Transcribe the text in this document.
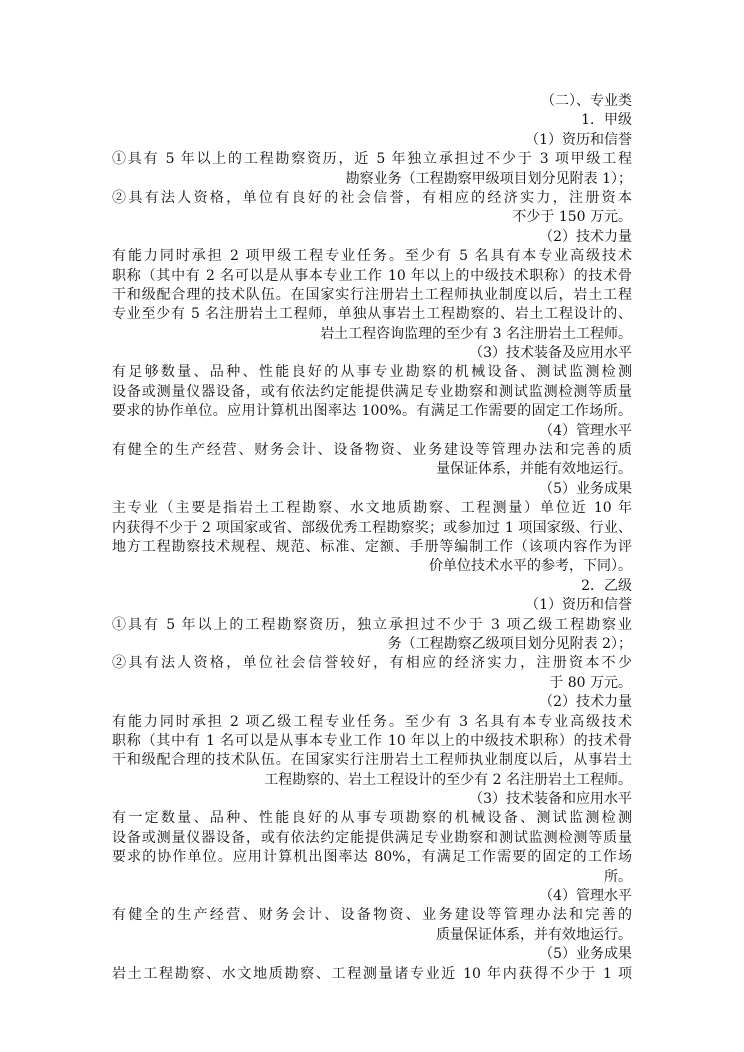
（二）、专业类
1．甲级
（1）资历和信誉
①具有 5 年以上的工程勘察资历，近 5 年独立承担过不少于 3 项甲级工程
勘察业务（工程勘察甲级项目划分见附表 1）；
②具有法人资格，单位有良好的社会信誉，有相应的经济实力，注册资本
不少于 150 万元。
（2）技术力量
有能力同时承担 2 项甲级工程专业任务。至少有 5 名具有本专业高级技术
职称（其中有 2 名可以是从事本专业工作 10 年以上的中级技术职称）的技术骨
干和级配合理的技术队伍。在国家实行注册岩土工程师执业制度以后，岩土工程
专业至少有 5 名注册岩土工程师，单独从事岩土工程勘察的、岩土工程设计的、
岩土工程咨询监理的至少有 3 名注册岩土工程师。
（3）技术装备及应用水平
有足够数量、品种、性能良好的从事专业勘察的机械设备、测试监测检测
设备或测量仪器设备，或有依法约定能提供满足专业勘察和测试监测检测等质量
要求的协作单位。应用计算机出图率达 100%。有满足工作需要的固定工作场所。
（4）管理水平
有健全的生产经营、财务会计、设备物资、业务建设等管理办法和完善的质
量保证体系，并能有效地运行。
（5）业务成果
主专业（主要是指岩土工程勘察、水文地质勘察、工程测量）单位近 10 年
内获得不少于 2 项国家或省、部级优秀工程勘察奖；或参加过 1 项国家级、行业、
地方工程勘察技术规程、规范、标准、定额、手册等编制工作（该项内容作为评
价单位技术水平的参考，下同）。
2．乙级
（1）资历和信誉
①具有 5 年以上的工程勘察资历，独立承担过不少于 3 项乙级工程勘察业
务（工程勘察乙级项目划分见附表 2）；
②具有法人资格，单位社会信誉较好，有相应的经济实力，注册资本不少
于 80 万元。
（2）技术力量
有能力同时承担 2 项乙级工程专业任务。至少有 3 名具有本专业高级技术
职称（其中有 1 名可以是从事本专业工作 10 年以上的中级技术职称）的技术骨
干和级配合理的技术队伍。在国家实行注册岩土工程师执业制度以后，从事岩土
工程勘察的、岩土工程设计的至少有 2 名注册岩土工程师。
（3）技术装备和应用水平
有一定数量、品种、性能良好的从事专项勘察的机械设备、测试监测检测
设备或测量仪器设备，或有依法约定能提供满足专业勘察和测试监测检测等质量
要求的协作单位。应用计算机出图率达 80%，有满足工作需要的固定的工作场
所。
（4）管理水平
有健全的生产经营、财务会计、设备物资、业务建设等管理办法和完善的
质量保证体系，并有效地运行。
（5）业务成果
岩土工程勘察、水文地质勘察、工程测量诸专业近 10 年内获得不少于 1 项
